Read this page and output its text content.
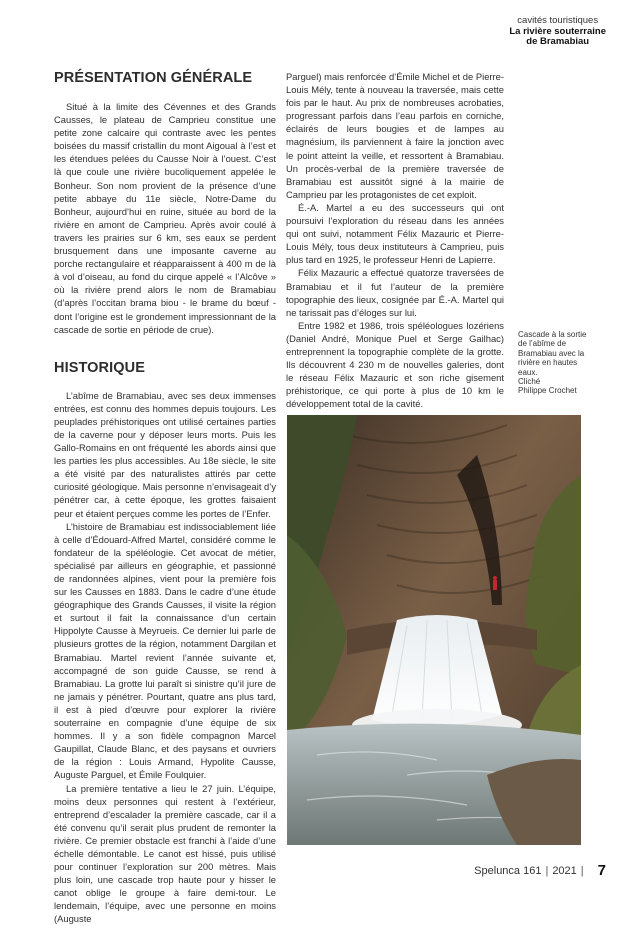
cavités touristiques
La rivière souterraine
de Bramabiau
PRÉSENTATION GÉNÉRALE

Situé à la limite des Cévennes et des Grands Causses, le plateau de Camprieu constitue une petite zone calcaire qui contraste avec les pentes boisées du massif cristallin du mont Aigoual à l’est et les étendues pelées du Causse Noir à l’ouest. C’est là que coule une rivière bucoliquement appelée le Bonheur. Son nom provient de la présence d’une petite abbaye du 11e siècle, Notre-Dame du Bonheur, aujourd’hui en ruine, située au bord de la rivière en amont de Camprieu. Après avoir coulé à travers les prairies sur 6 km, ses eaux se perdent brusquement dans une imposante caverne au porche rectangulaire et réapparaissent à 400 m de là à vol d’oiseau, au fond du cirque appelé « l’Alcôve » où la rivière prend alors le nom de Bramabiau (d’après l’occitan brama biou - le brame du bœuf - dont l’origine est le grondement impressionnant de la cascade de sortie en période de crue).

HISTORIQUE

L’abîme de Bramabiau, avec ses deux immenses entrées, est connu des hommes depuis toujours. Les peuplades préhistoriques ont utilisé certaines parties de la caverne pour y déposer leurs morts. Puis les Gallo-Romains en ont fréquenté les abords ainsi que les parties les plus accessibles. Au 18e siècle, le site a été visité par des naturalistes attirés par cette curiosité géologique. Mais personne n’envisageait d’y pénétrer car, à cette époque, les grottes faisaient peur et étaient perçues comme les portes de l’Enfer.

L’histoire de Bramabiau est indissociablement liée à celle d’Édouard-Alfred Martel, considéré comme le fondateur de la spéléologie. Cet avocat de métier, spécialisé par ailleurs en géographie, et passionné de randonnées alpines, vient pour la première fois sur les Causses en 1883. Dans le cadre d’une étude géographique des Grands Causses, il visite la région et surtout il fait la connaissance d’un certain Hippolyte Causse à Meyrueis. Ce dernier lui parle de plusieurs grottes de la région, notamment Dargilan et Bramabiau. Martel revient l’année suivante et, accompagné de son guide Causse, se rend à Bramabiau. La grotte lui paraît si sinistre qu’il jure de ne jamais y pénétrer. Pourtant, quatre ans plus tard, il est à pied d’œuvre pour explorer la rivière souterraine en compagnie d’une équipe de six hommes. Il y a son fidèle compagnon Marcel Gaupillat, Claude Blanc, et des paysans et ouvriers de la région : Louis Armand, Hypolite Causse, Auguste Parguel, et Émile Foulquier.

La première tentative a lieu le 27 juin. L’équipe, moins deux personnes qui restent à l’extérieur, entreprend d’escalader la première cascade, car il a été convenu qu’il serait plus prudent de remonter la rivière. Ce premier obstacle est franchi à l’aide d’une échelle démontable. Le canot est hissé, puis utilisé pour continuer l’exploration sur 200 mètres. Mais plus loin, une cascade trop haute pour y hisser le canot oblige le groupe à faire demi-tour. Le lendemain, l’équipe, avec une personne en moins (Auguste

Parguel) mais renforcée d’Émile Michel et de Pierre-Louis Mély, tente à nouveau la traversée, mais cette fois par le haut. Au prix de nombreuses acrobaties, progressant parfois dans l’eau parfois en corniche, éclairés de leurs bougies et de lampes au magnésium, ils parviennent à faire la jonction avec le point atteint la veille, et ressortent à Bramabiau. Un procès-verbal de la première traversée de Bramabiau est aussitôt signé à la mairie de Camprieu par les protagonistes de cet exploit.

É.-A. Martel a eu des successeurs qui ont poursuivi l’exploration du réseau dans les années qui ont suivi, notamment Félix Mazauric et Pierre-Louis Mély, tous deux instituteurs à Camprieu, puis plus tard en 1925, le professeur Henri de Lapierre.

Félix Mazauric a effectué quatorze traversées de Bramabiau et il fut l’auteur de la première topographie des lieux, cosignée par É.-A. Martel qui ne tarissait pas d’éloges sur lui.

Entre 1982 et 1986, trois spéléologues lozériens (Daniel André, Monique Puel et Serge Gailhac) entreprennent la topographie complète de la grotte. Ils découvrent 4 230 m de nouvelles galeries, dont le réseau Félix Mazauric et son riche gisement préhistorique, ce qui porte à plus de 10 km le développement total de la cavité.

Cascade à la sortie de l’abîme de Bramabiau avec la rivière en hautes eaux.
Cliché
Philippe Crochet
Spelunca 161 | 2021 | 7
